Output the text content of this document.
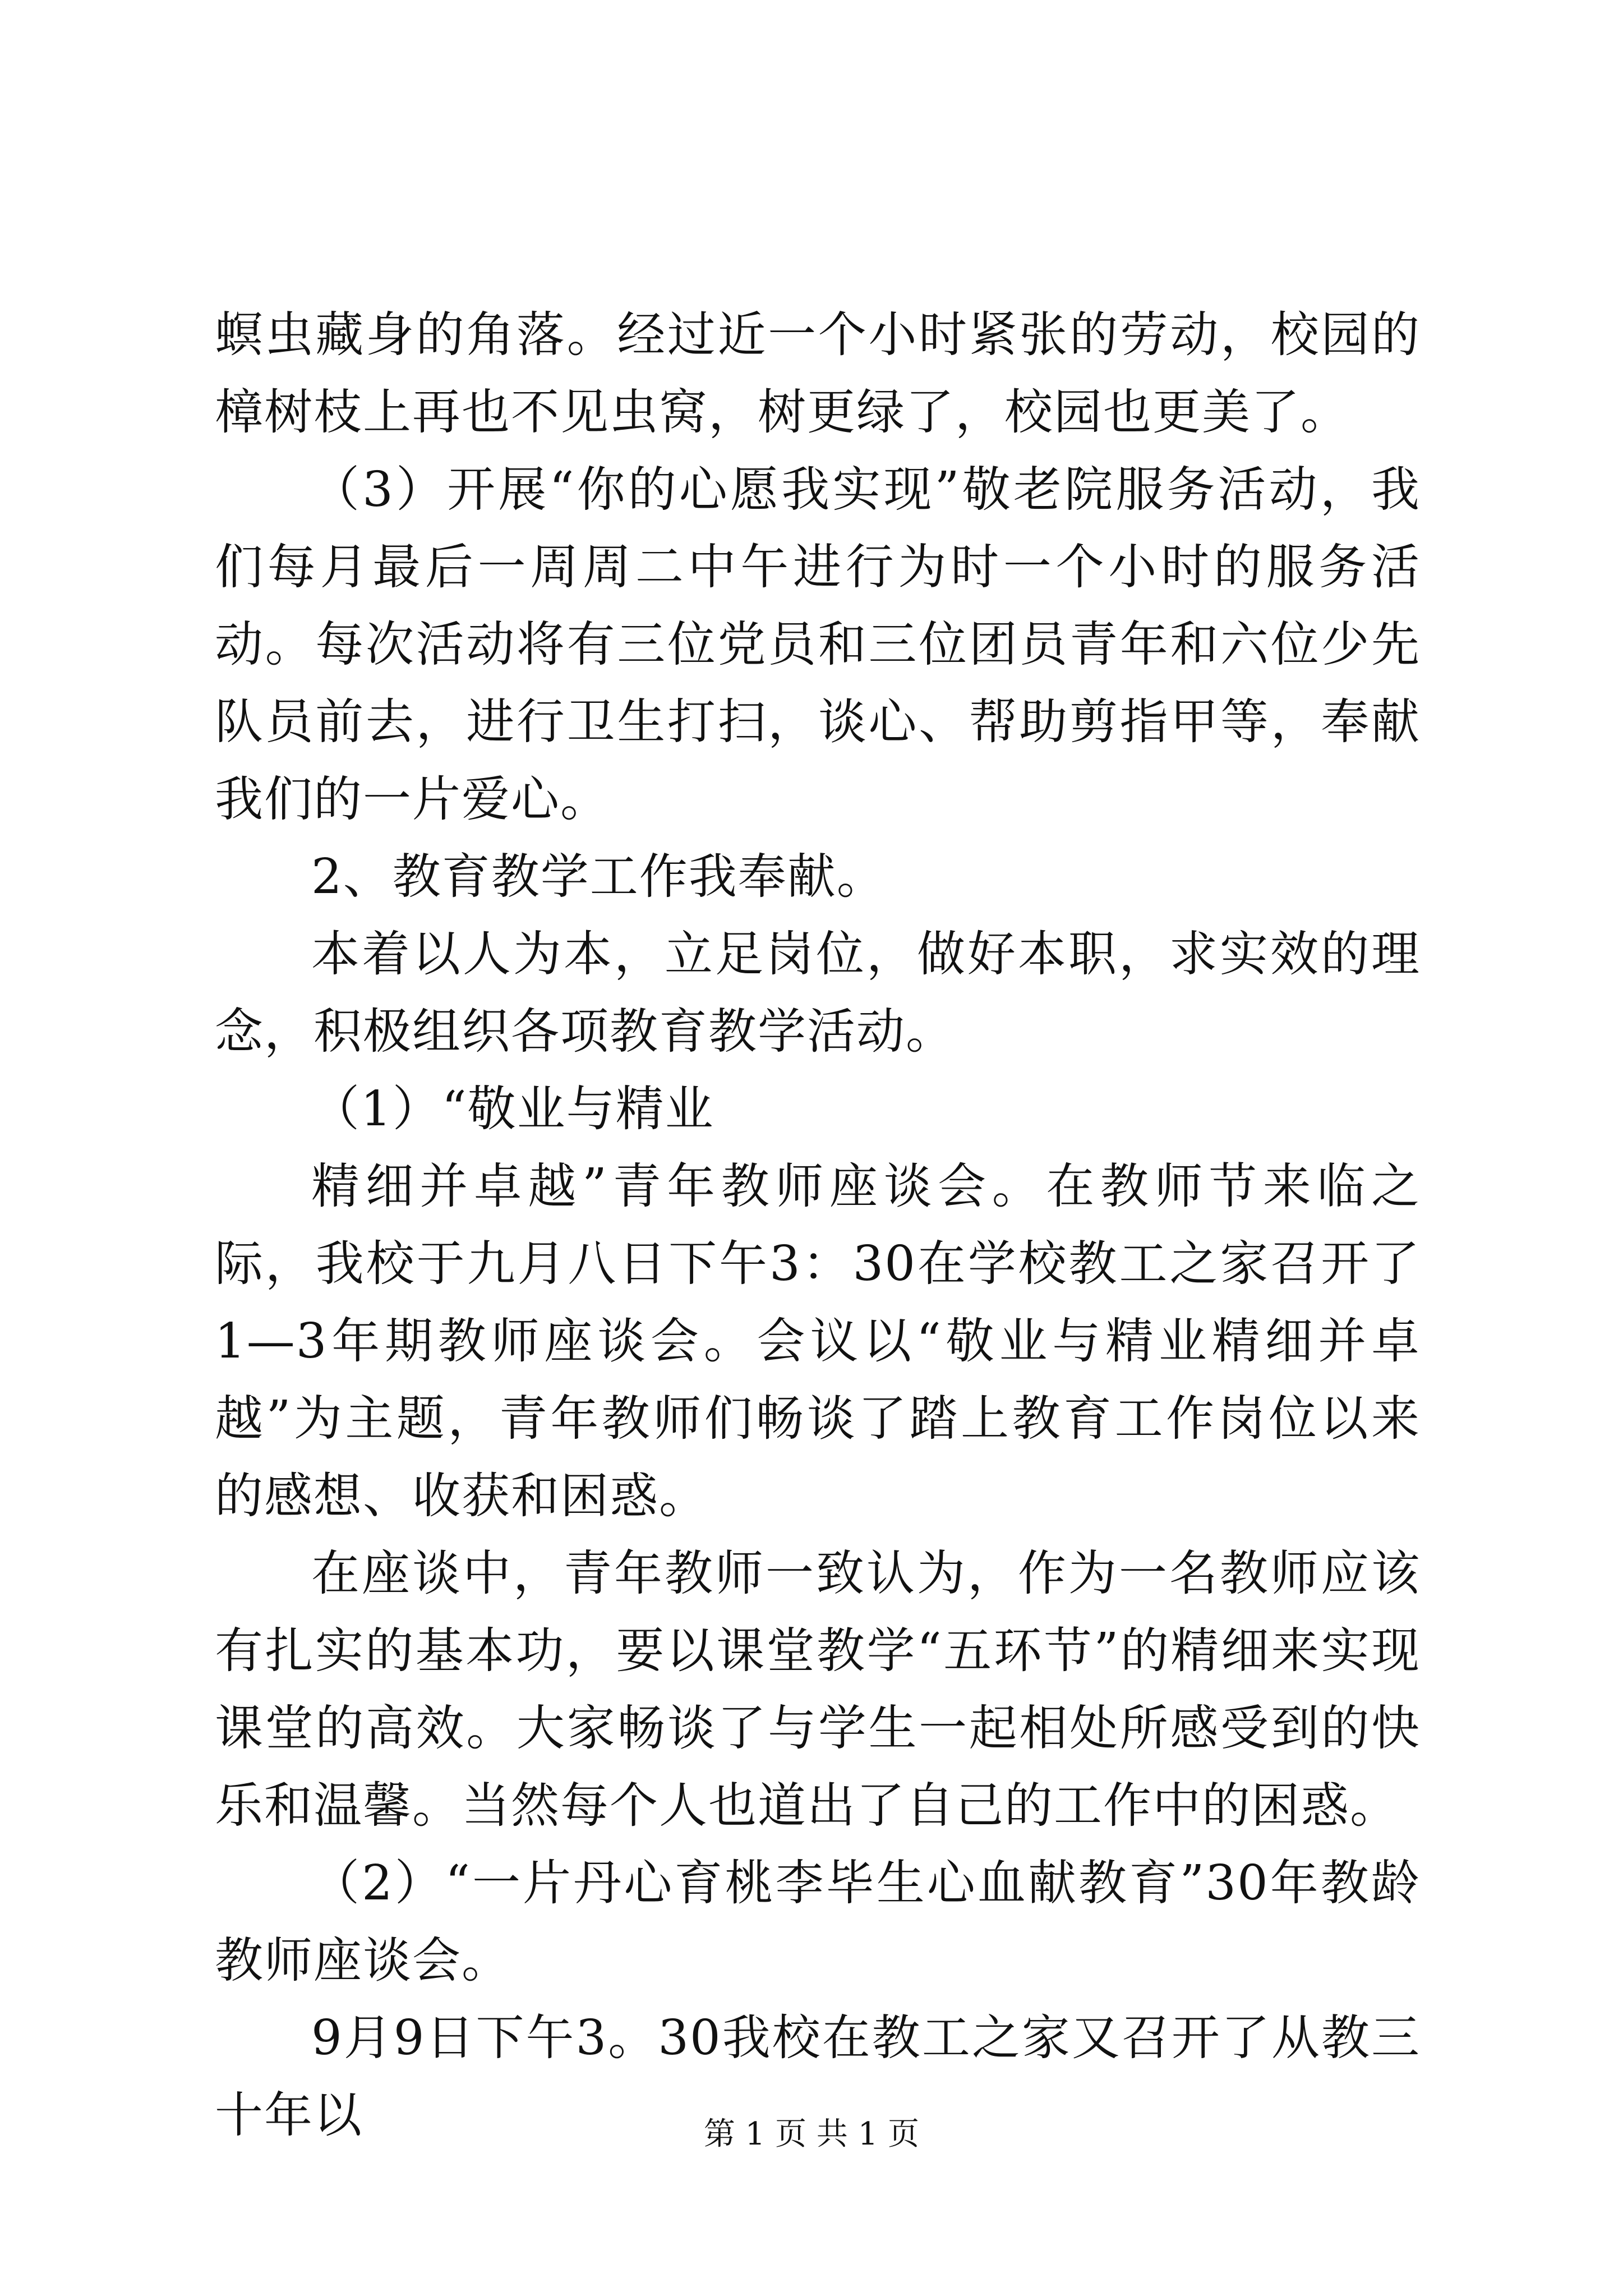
螟虫藏身的角落。经过近一个小时紧张的劳动，校园的樟树枝上再也不见虫窝，树更绿了，校园也更美了。

（3）开展“你的心愿我实现”敬老院服务活动，我们每月最后一周周二中午进行为时一个小时的服务活动。每次活动将有三位党员和三位团员青年和六位少先队员前去，进行卫生打扫，谈心、帮助剪指甲等，奉献我们的一片爱心。

2、教育教学工作我奉献。

本着以人为本，立足岗位，做好本职，求实效的理念，积极组织各项教育教学活动。

（1）“敬业与精业

精细并卓越”青年教师座谈会。在教师节来临之际，我校于九月八日下午3：30在学校教工之家召开了1—3年期教师座谈会。会议以“敬业与精业精细并卓越”为主题，青年教师们畅谈了踏上教育工作岗位以来的感想、收获和困惑。

在座谈中，青年教师一致认为，作为一名教师应该有扎实的基本功，要以课堂教学“五环节”的精细来实现课堂的高效。大家畅谈了与学生一起相处所感受到的快乐和温馨。当然每个人也道出了自己的工作中的困惑。

（2）“一片丹心育桃李毕生心血献教育”30年教龄教师座谈会。

9月9日下午3。30我校在教工之家又召开了从教三十年以	第 1 页 共 1 页
